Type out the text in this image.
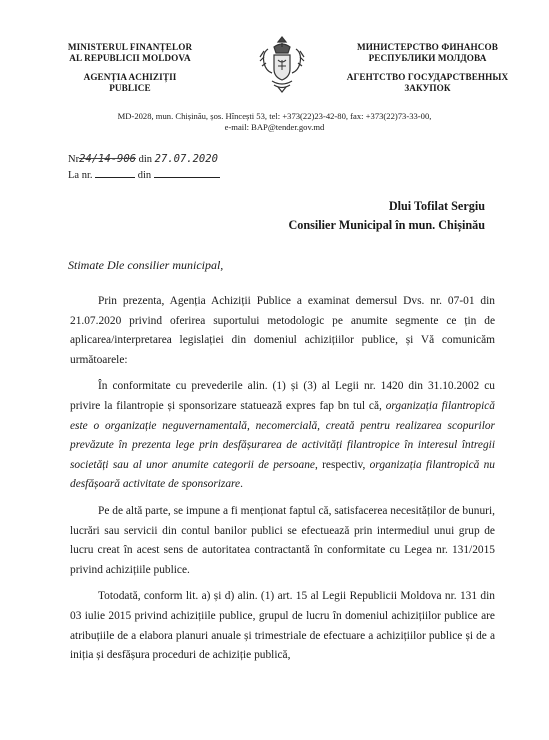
MINISTERUL FINANȚELOR
AL REPUBLICII MOLDOVA
AGENȚIA ACHIZIȚII
PUBLICE
МИНИСТЕРСТВО ФИНАНСОВ
РЕСПУБЛИКИ МОЛДОВА
АГЕНТСТВО ГОСУДАРСТВЕННЫХ
ЗАКУПОК
MD-2028, mun. Chișinău, șos. Hîncești 53, tel: +373(22)23-42-80, fax: +373(22)73-33-00,
e-mail: BAP@tender.gov.md
Nr24/14-906 din 27.07.2020
La nr.	din
Dlui Tofilat Sergiu
Consilier Municipal în mun. Chișinău
Stimate Dle consilier municipal,

Prin prezenta, Agenția Achiziții Publice a examinat demersul Dvs. nr. 07-01 din 21.07.2020 privind oferirea suportului metodologic pe anumite segmente ce țin de aplicarea/interpretarea legislației din domeniul achizițiilor publice, și Vă comunicăm următoarele:

În conformitate cu prevederile alin. (1) și (3) al Legii nr. 1420 din 31.10.2002 cu privire la filantropie și sponsorizare statuează expres fap bn tul că, organizația filantropică este o organizație neguvernamentală, necomercială, creată pentru realizarea scopurilor prevăzute în prezenta lege prin desfășurarea de activități filantropice în interesul întregii societăți sau al unor anumite categorii de persoane, respectiv, organizația filantropică nu desfășoară activitate de sponsorizare.

Pe de altă parte, se impune a fi menționat faptul că, satisfacerea necesităților de bunuri, lucrări sau servicii din contul banilor publici se efectuează prin intermediul unui grup de lucru creat în acest sens de autoritatea contractantă în conformitate cu Legea nr. 131/2015 privind achizițiile publice.

Totodată, conform lit. a) și d) alin. (1) art. 15 al Legii Republicii Moldova nr. 131 din 03 iulie 2015 privind achizițiile publice, grupul de lucru în domeniul achizițiilor publice are atribuțiile de a elabora planuri anuale și trimestriale de efectuare a achizițiilor publice și de a iniția și desfășura proceduri de achiziție publică,
